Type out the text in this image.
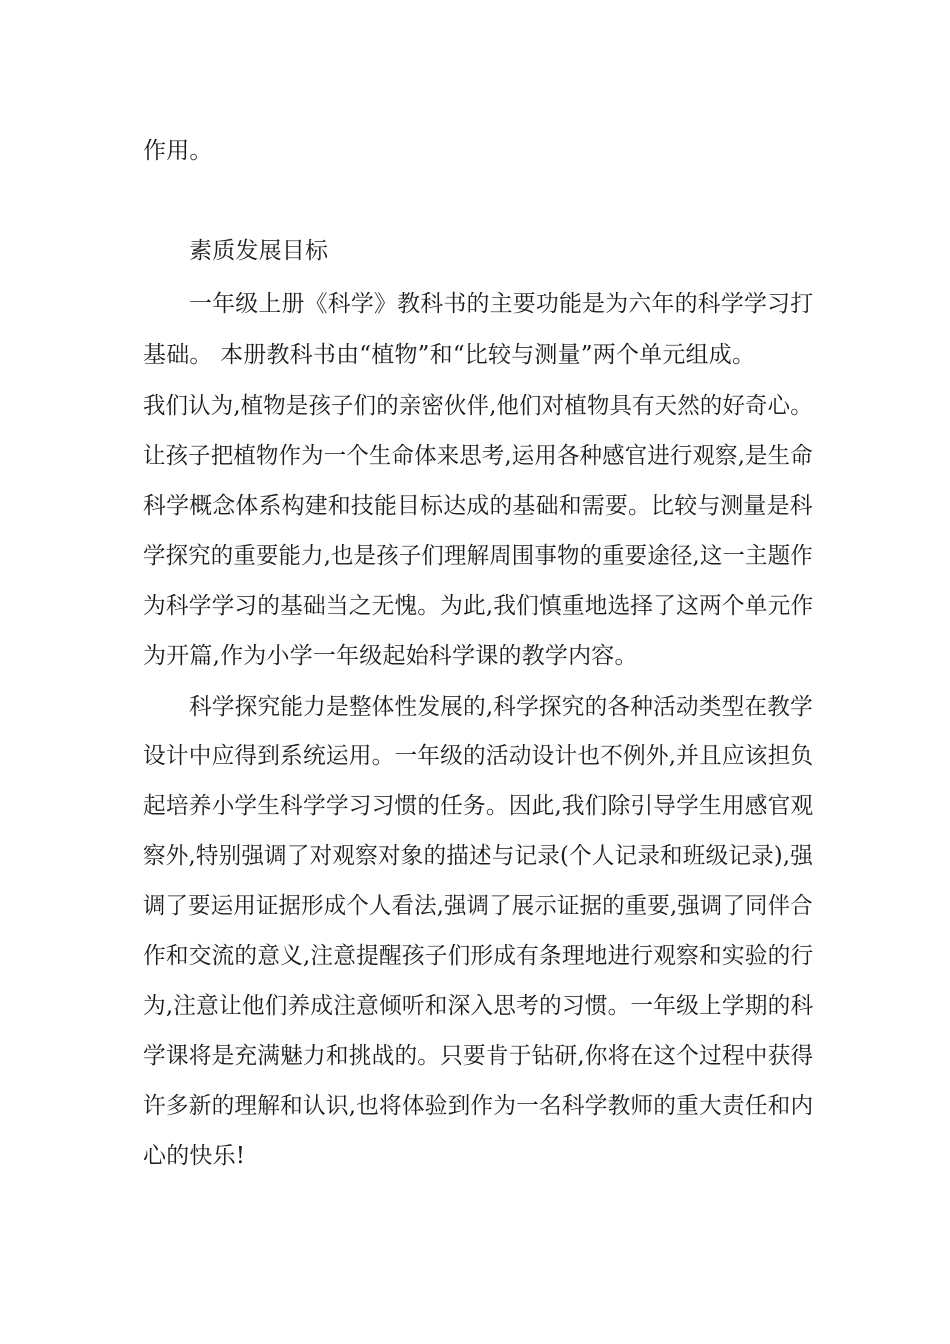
作用。
素质发展目标
一年级上册《科学》教科书的主要功能是为六年的科学学习打
基础。 本册教科书由“植物”和“比较与测量”两个单元组成。
我们认为,植物是孩子们的亲密伙伴,他们对植物具有天然的好奇心。
让孩子把植物作为一个生命体来思考,运用各种感官进行观察,是生命
科学概念体系构建和技能目标达成的基础和需要。比较与测量是科
学探究的重要能力,也是孩子们理解周围事物的重要途径,这一主题作
为科学学习的基础当之无愧。为此,我们慎重地选择了这两个单元作
为开篇,作为小学一年级起始科学课的教学内容。
科学探究能力是整体性发展的,科学探究的各种活动类型在教学
设计中应得到系统运用。一年级的活动设计也不例外,并且应该担负
起培养小学生科学学习习惯的任务。因此,我们除引导学生用感官观
察外,特别强调了对观察对象的描述与记录(个人记录和班级记录),强
调了要运用证据形成个人看法,强调了展示证据的重要,强调了同伴合
作和交流的意义,注意提醒孩子们形成有条理地进行观察和实验的行
为,注意让他们养成注意倾听和深入思考的习惯。一年级上学期的科
学课将是充满魅力和挑战的。只要肯于钻研,你将在这个过程中获得
许多新的理解和认识,也将体验到作为一名科学教师的重大责任和内
心的快乐!
